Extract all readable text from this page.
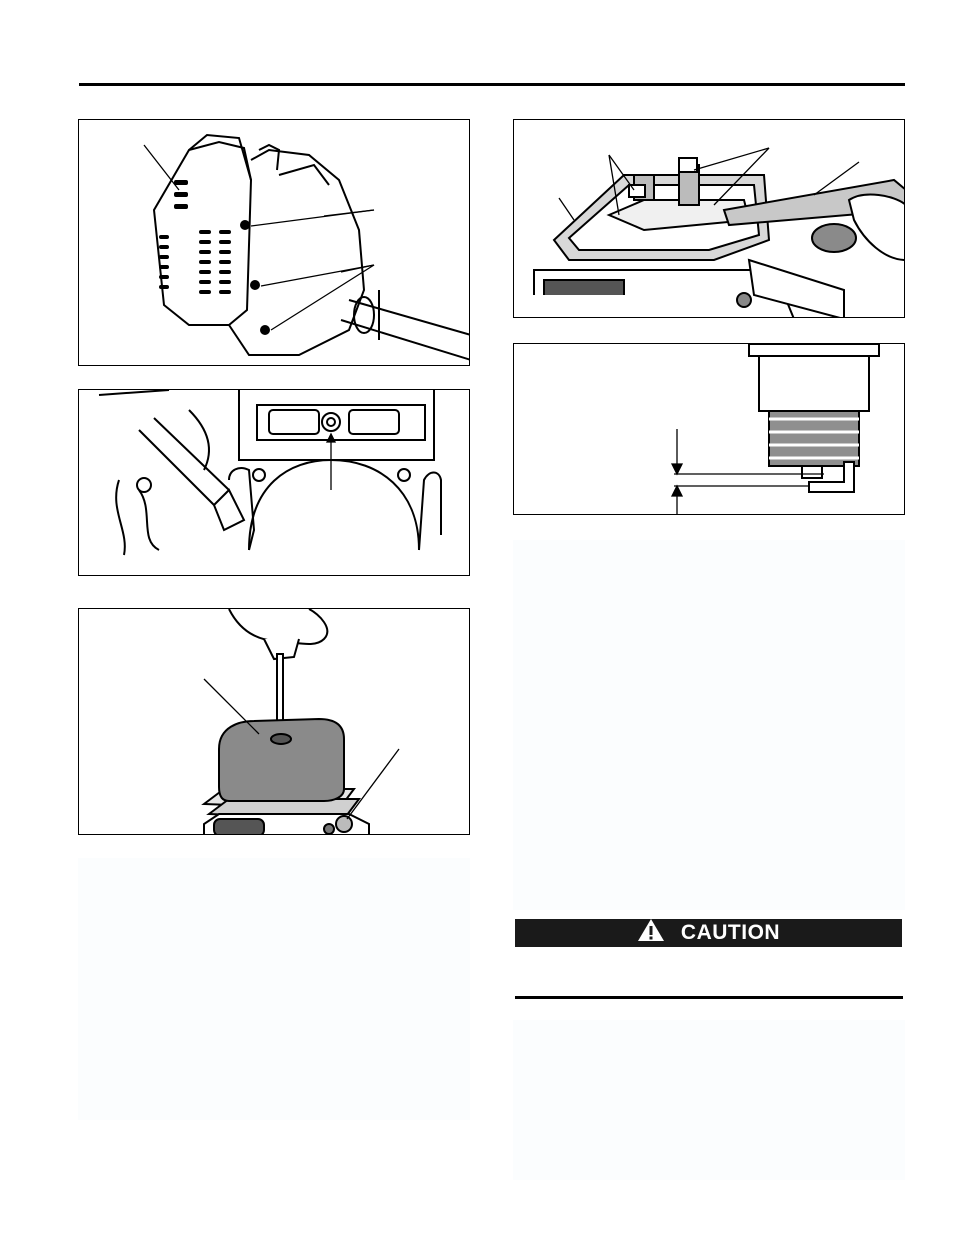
CAUTION
